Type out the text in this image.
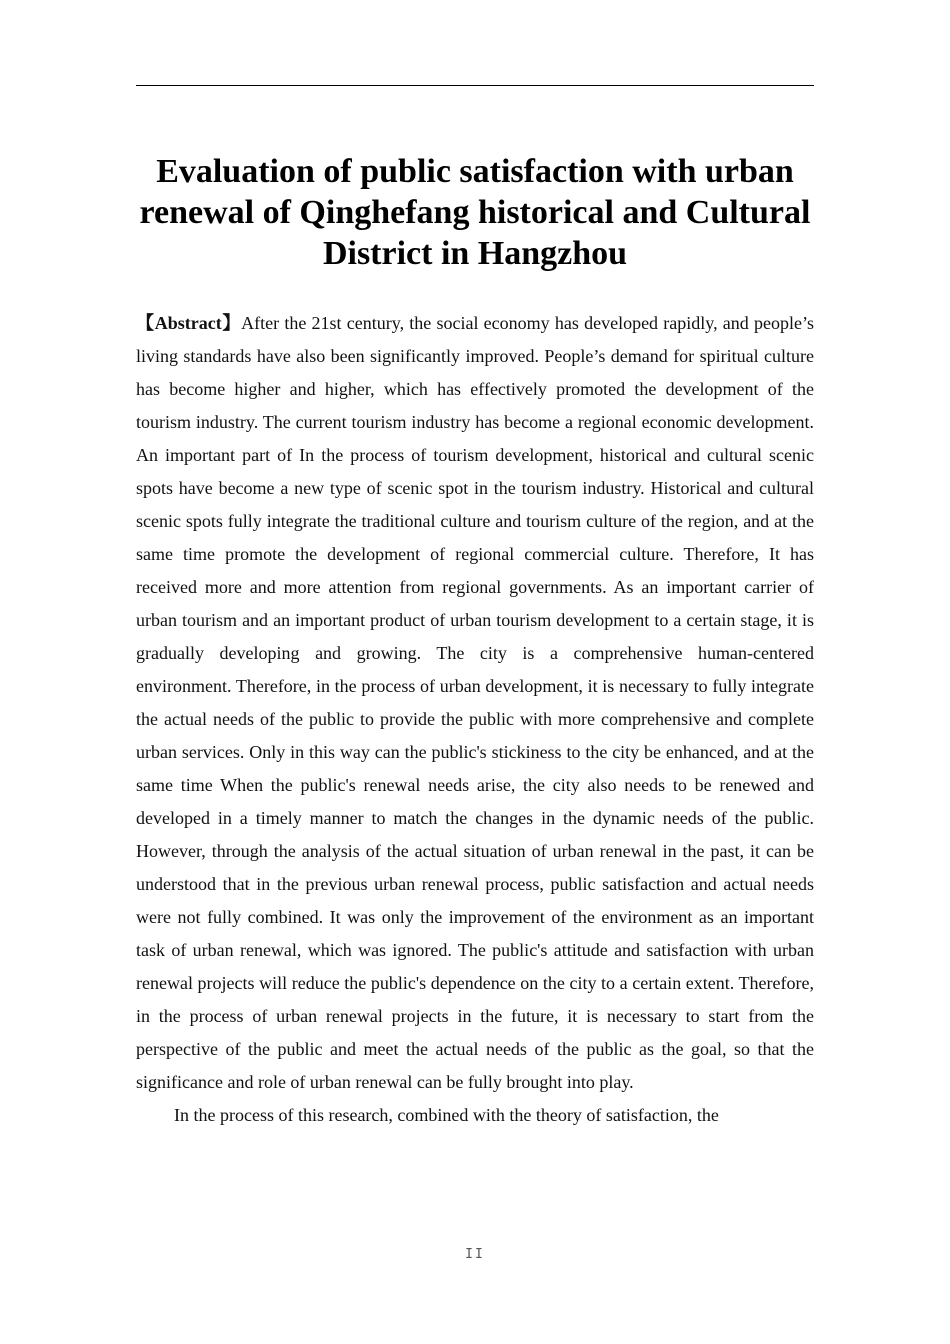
Evaluation of public satisfaction with urban renewal of Qinghefang historical and Cultural District in Hangzhou

【Abstract】After the 21st century, the social economy has developed rapidly, and people’s living standards have also been significantly improved. People’s demand for spiritual culture has become higher and higher, which has effectively promoted the development of the tourism industry. The current tourism industry has become a regional economic development. An important part of In the process of tourism development, historical and cultural scenic spots have become a new type of scenic spot in the tourism industry. Historical and cultural scenic spots fully integrate the traditional culture and tourism culture of the region, and at the same time promote the development of regional commercial culture. Therefore, It has received more and more attention from regional governments. As an important carrier of urban tourism and an important product of urban tourism development to a certain stage, it is gradually developing and growing. The city is a comprehensive human-centered environment. Therefore, in the process of urban development, it is necessary to fully integrate the actual needs of the public to provide the public with more comprehensive and complete urban services. Only in this way can the public's stickiness to the city be enhanced, and at the same time When the public's renewal needs arise, the city also needs to be renewed and developed in a timely manner to match the changes in the dynamic needs of the public. However, through the analysis of the actual situation of urban renewal in the past, it can be understood that in the previous urban renewal process, public satisfaction and actual needs were not fully combined. It was only the improvement of the environment as an important task of urban renewal, which was ignored. The public's attitude and satisfaction with urban renewal projects will reduce the public's dependence on the city to a certain extent. Therefore, in the process of urban renewal projects in the future, it is necessary to start from the perspective of the public and meet the actual needs of the public as the goal, so that the significance and role of urban renewal can be fully brought into play.

In the process of this research, combined with the theory of satisfaction, the

II
